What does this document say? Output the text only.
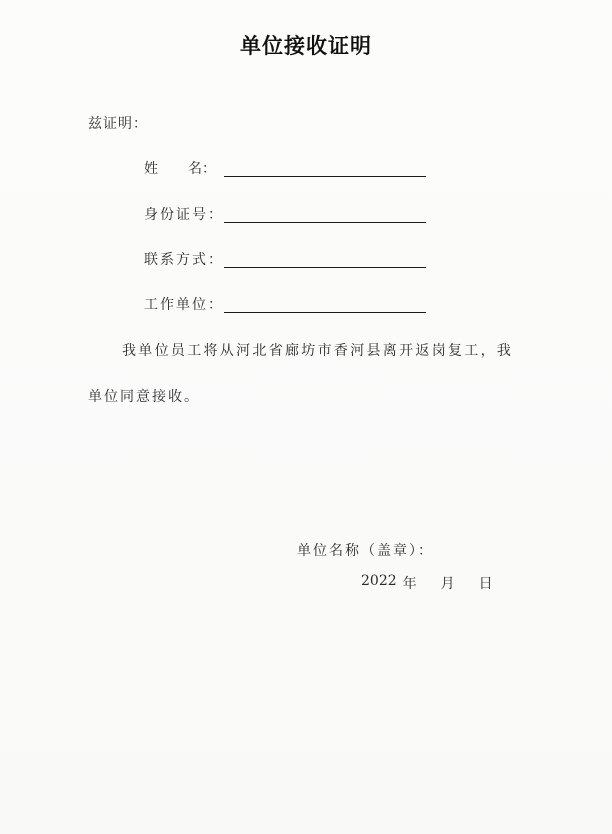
单位接收证明
兹证明：
姓 名：
身份证号：
联系方式：
工作单位：
我单位员工将从河北省廊坊市香河县离开返岗复工，我
单位同意接收。
单位名称（盖章）：
2022 年 月 日
